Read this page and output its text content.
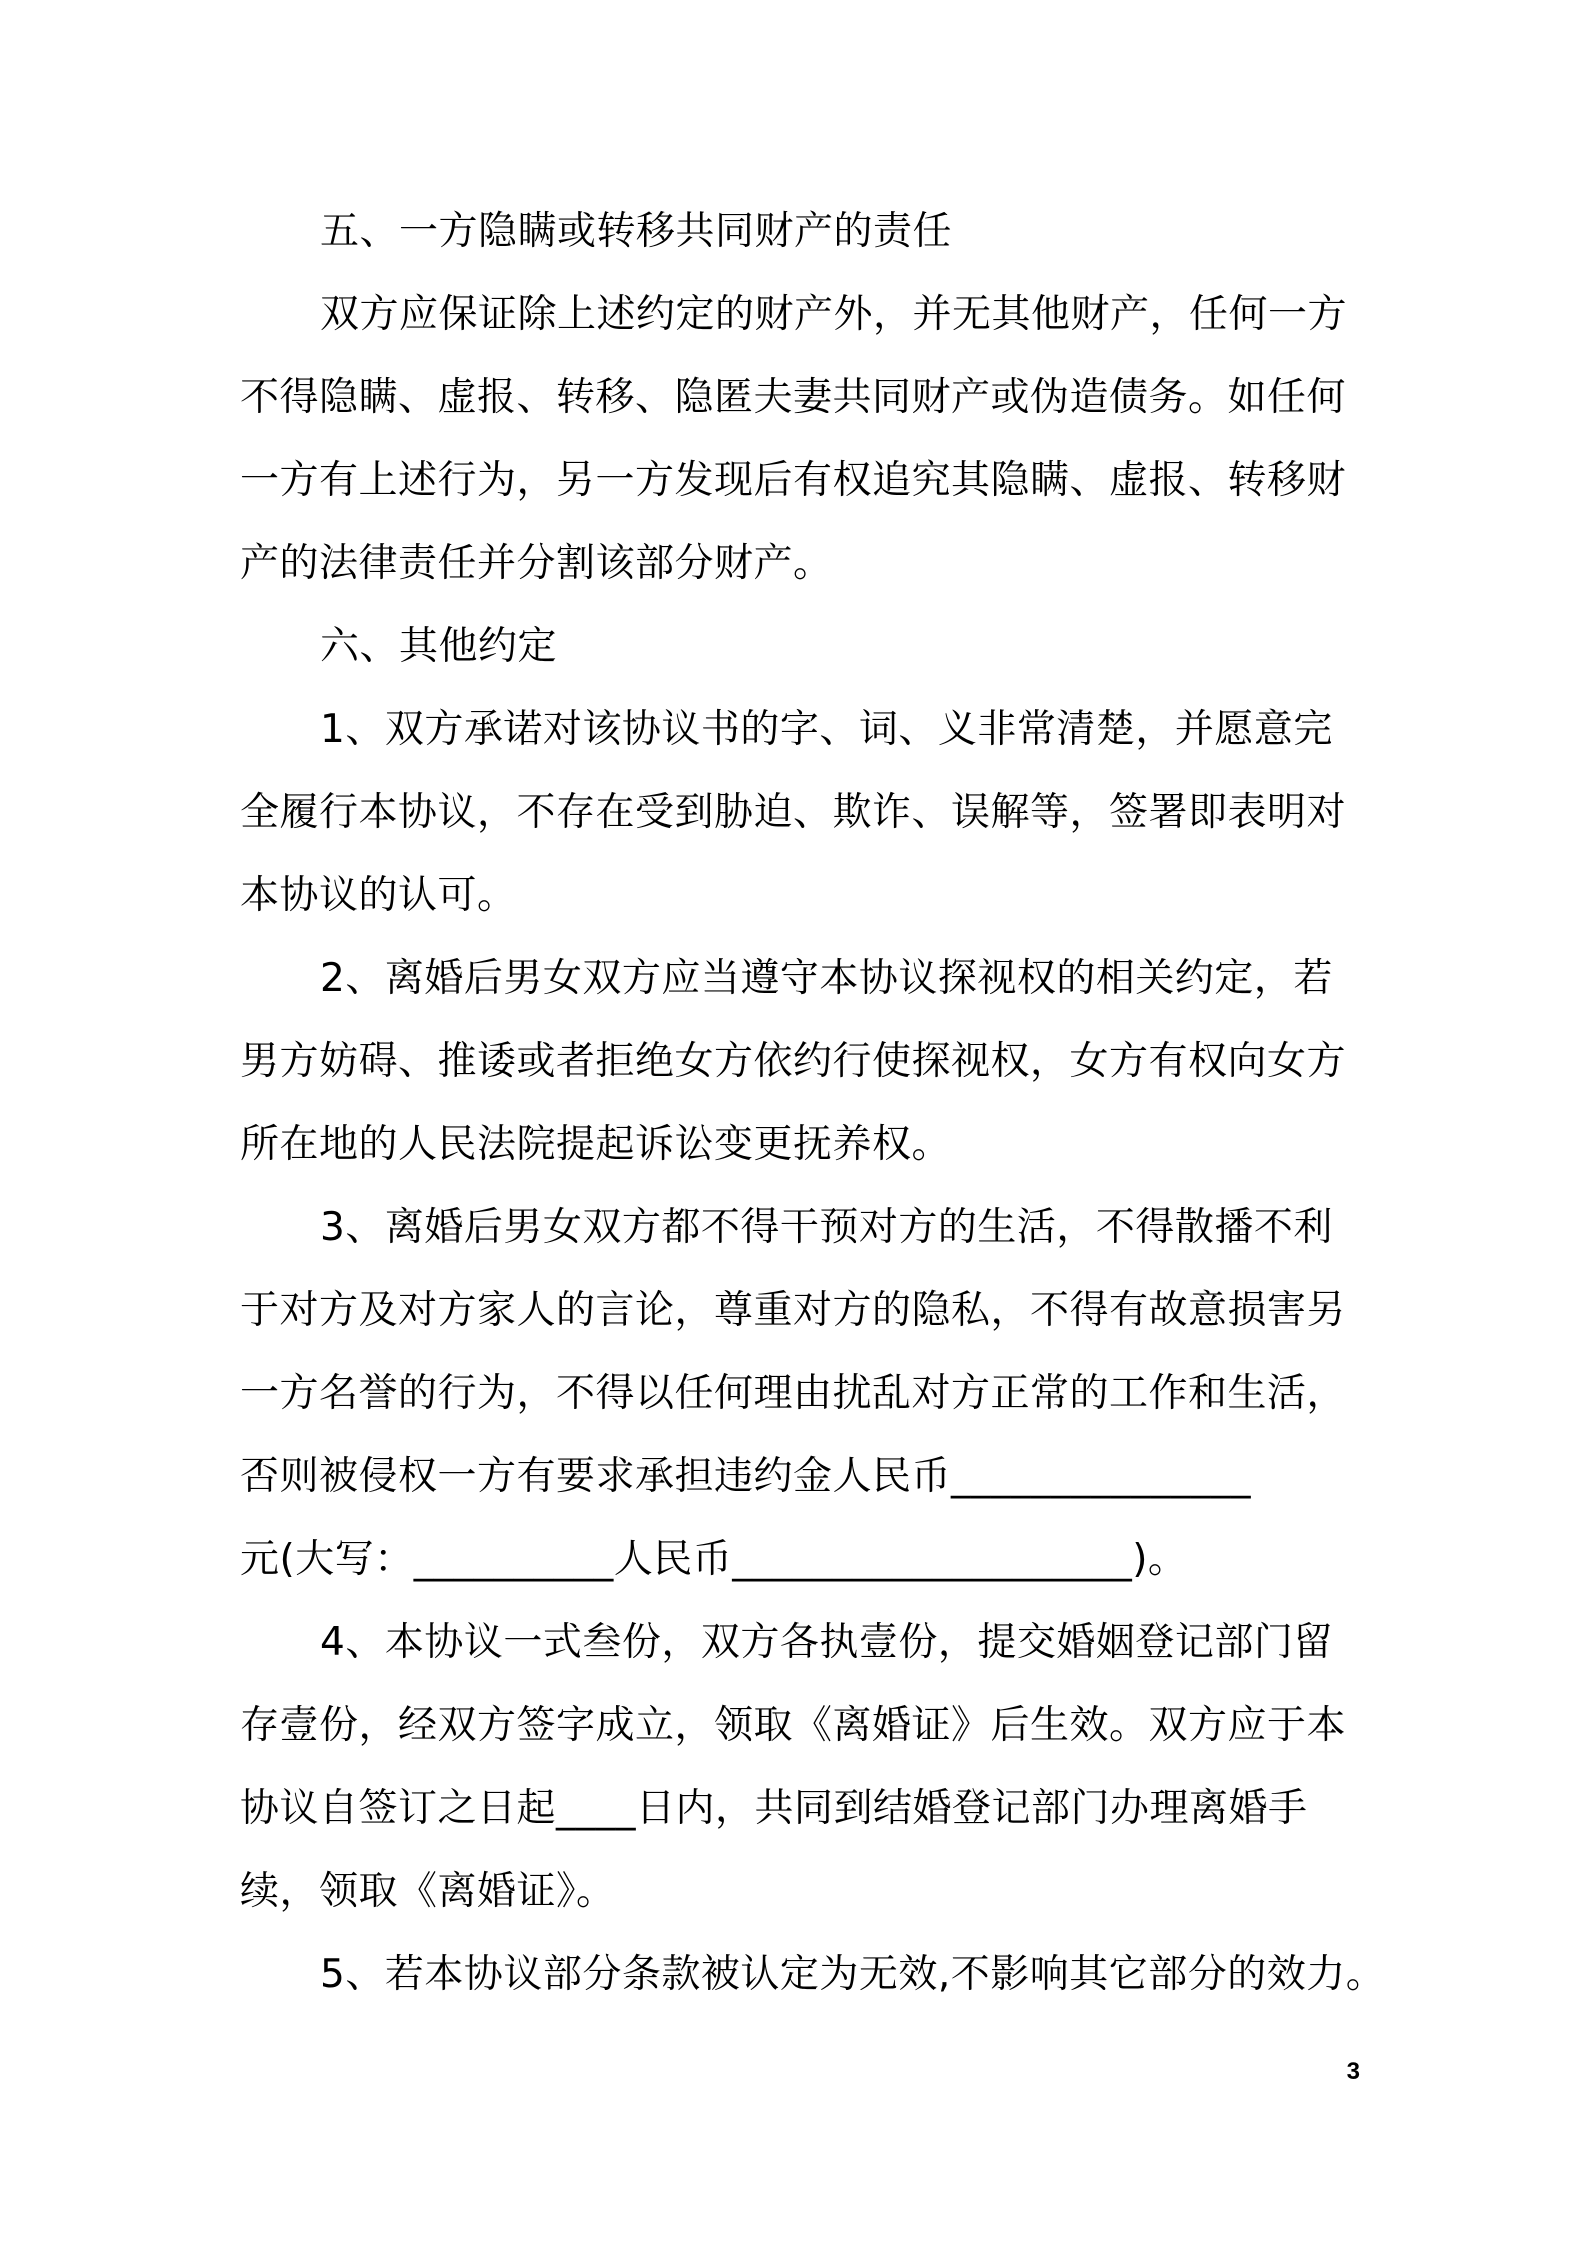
五、一方隐瞒或转移共同财产的责任
双方应保证除上述约定的财产外，并无其他财产，任何一方
不得隐瞒、虚报、转移、隐匿夫妻共同财产或伪造债务。如任何
一方有上述行为，另一方发现后有权追究其隐瞒、虚报、转移财
产的法律责任并分割该部分财产。
六、其他约定
1、双方承诺对该协议书的字、词、义非常清楚，并愿意完
全履行本协议，不存在受到胁迫、欺诈、误解等，签署即表明对
本协议的认可。
2、离婚后男女双方应当遵守本协议探视权的相关约定，若
男方妨碍、推诿或者拒绝女方依约行使探视权，女方有权向女方
所在地的人民法院提起诉讼变更抚养权。
3、离婚后男女双方都不得干预对方的生活，不得散播不利
于对方及对方家人的言论，尊重对方的隐私，不得有故意损害另
一方名誉的行为，不得以任何理由扰乱对方正常的工作和生活，
否则被侵权一方有要求承担违约金人民币_______________
元(大写：__________人民币____________________)。
4、本协议一式叁份，双方各执壹份，提交婚姻登记部门留
存壹份，经双方签字成立，领取《离婚证》后生效。双方应于本
协议自签订之日起____日内，共同到结婚登记部门办理离婚手
续，领取《离婚证》。
5、若本协议部分条款被认定为无效,不影响其它部分的效力。
3
